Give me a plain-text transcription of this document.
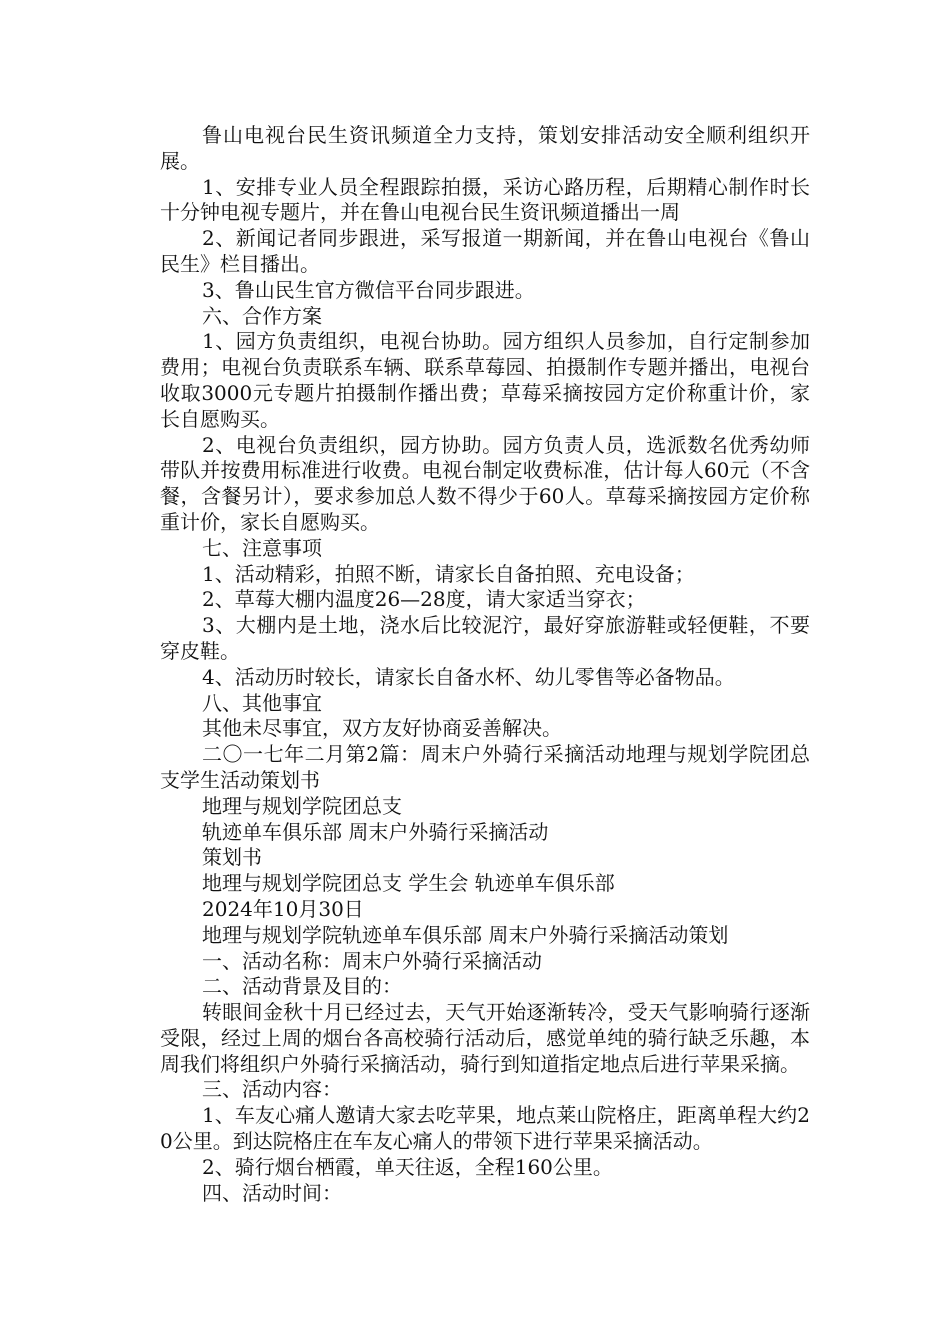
鲁山电视台民生资讯频道全力支持，策划安排活动安全顺利组织开展。

1、安排专业人员全程跟踪拍摄，采访心路历程，后期精心制作时长十分钟电视专题片，并在鲁山电视台民生资讯频道播出一周

2、新闻记者同步跟进，采写报道一期新闻，并在鲁山电视台《鲁山民生》栏目播出。

3、鲁山民生官方微信平台同步跟进。

六、合作方案

1、园方负责组织，电视台协助。园方组织人员参加，自行定制参加费用；电视台负责联系车辆、联系草莓园、拍摄制作专题并播出，电视台收取3000元专题片拍摄制作播出费；草莓采摘按园方定价称重计价，家长自愿购买。

2、电视台负责组织，园方协助。园方负责人员，选派数名优秀幼师带队并按费用标准进行收费。电视台制定收费标准，估计每人60元（不含餐，含餐另计），要求参加总人数不得少于60人。草莓采摘按园方定价称重计价，家长自愿购买。

七、注意事项

1、活动精彩，拍照不断，请家长自备拍照、充电设备；

2、草莓大棚内温度26—28度，请大家适当穿衣；

3、大棚内是土地，浇水后比较泥泞，最好穿旅游鞋或轻便鞋，不要穿皮鞋。

4、活动历时较长，请家长自备水杯、幼儿零售等必备物品。

八、其他事宜

其他未尽事宜，双方友好协商妥善解决。

二〇一七年二月第2篇：周末户外骑行采摘活动地理与规划学院团总支学生活动策划书

地理与规划学院团总支

轨迹单车俱乐部 周末户外骑行采摘活动

策划书

地理与规划学院团总支 学生会 轨迹单车俱乐部

2024年10月30日

地理与规划学院轨迹单车俱乐部 周末户外骑行采摘活动策划

一、活动名称：周末户外骑行采摘活动

二、活动背景及目的：

转眼间金秋十月已经过去，天气开始逐渐转冷，受天气影响骑行逐渐受限，经过上周的烟台各高校骑行活动后，感觉单纯的骑行缺乏乐趣，本周我们将组织户外骑行采摘活动，骑行到知道指定地点后进行苹果采摘。

三、活动内容：

1、车友心痛人邀请大家去吃苹果，地点莱山院格庄，距离单程大约20公里。到达院格庄在车友心痛人的带领下进行苹果采摘活动。

2、骑行烟台栖霞，单天往返，全程160公里。

四、活动时间：
